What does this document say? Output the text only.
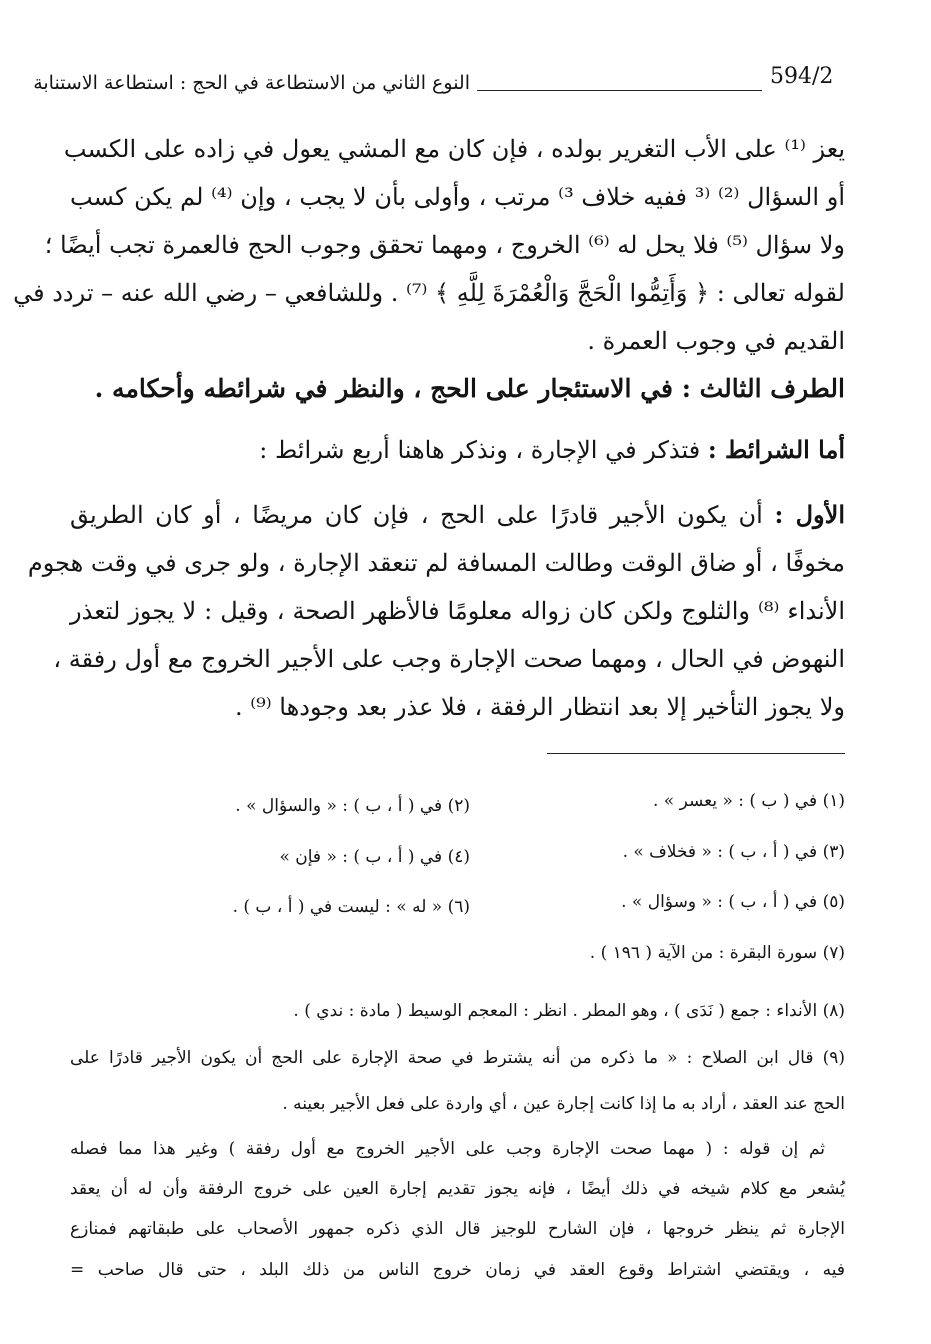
594/2
النوع الثاني من الاستطاعة في الحج : استطاعة الاستنابة
يعز ⁽¹⁾ على الأب التغرير بولده ، فإن كان مع المشي يعول في زاده على الكسب
أو السؤال ⁽²⁾ ⁽³ ففيه خلاف ³⁾ مرتب ، وأولى بأن لا يجب ، وإن ⁽⁴⁾ لم يكن كسب
ولا سؤال ⁽⁵⁾ فلا يحل له ⁽⁶⁾ الخروج ، ومهما تحقق وجوب الحج فالعمرة تجب أيضًا ؛
لقوله تعالى : ﴿ وَأَتِمُّوا الْحَجَّ وَالْعُمْرَةَ لِلَّهِ ﴾ ⁽⁷⁾ . وللشافعي – رضي الله عنه – تردد في
القديم في وجوب العمرة .
الطرف الثالث : في الاستئجار على الحج ، والنظر في شرائطه وأحكامه .
أما الشرائط : فتذكر في الإجارة ، ونذكر هاهنا أربع شرائط :
الأول : أن يكون الأجير قادرًا على الحج ، فإن كان مريضًا ، أو كان الطريق
مخوفًا ، أو ضاق الوقت وطالت المسافة لم تنعقد الإجارة ، ولو جرى في وقت هجوم
الأنداء ⁽⁸⁾ والثلوج ولكن كان زواله معلومًا فالأظهر الصحة ، وقيل : لا يجوز لتعذر
النهوض في الحال ، ومهما صحت الإجارة وجب على الأجير الخروج مع أول رفقة ،
ولا يجوز التأخير إلا بعد انتظار الرفقة ، فلا عذر بعد وجودها ⁽⁹⁾ .
(١) في ( ب ) : « يعسر » .
(٢) في ( أ ، ب ) : « والسؤال » .
(٣) في ( أ ، ب ) : « فخلاف » .
(٤) في ( أ ، ب ) : « فإن »
(٥) في ( أ ، ب ) : « وسؤال » .
(٦) « له » : ليست في ( أ ، ب ) .
(٧) سورة البقرة : من الآية ( ١٩٦ ) .
(٨) الأنداء : جمع ( نَدَى ) ، وهو المطر . انظر : المعجم الوسيط ( مادة : ندي ) .
(٩) قال ابن الصلاح : « ما ذكره من أنه يشترط في صحة الإجارة على الحج أن يكون الأجير قادرًا على
الحج عند العقد ، أراد به ما إذا كانت إجارة عين ، أي واردة على فعل الأجير بعينه .
ثم إن قوله : ( مهما صحت الإجارة وجب على الأجير الخروج مع أول رفقة ) وغير هذا مما فصله
يُشعر مع كلام شيخه في ذلك أيضًا ، فإنه يجوز تقديم إجارة العين على خروج الرفقة وأن له أن يعقد
الإجارة ثم ينظر خروجها ، فإن الشارح للوجيز قال الذي ذكره جمهور الأصحاب على طبقاتهم فمنازع
فيه ، ويقتضي اشتراط وقوع العقد في زمان خروج الناس من ذلك البلد ، حتى قال صاحب =
